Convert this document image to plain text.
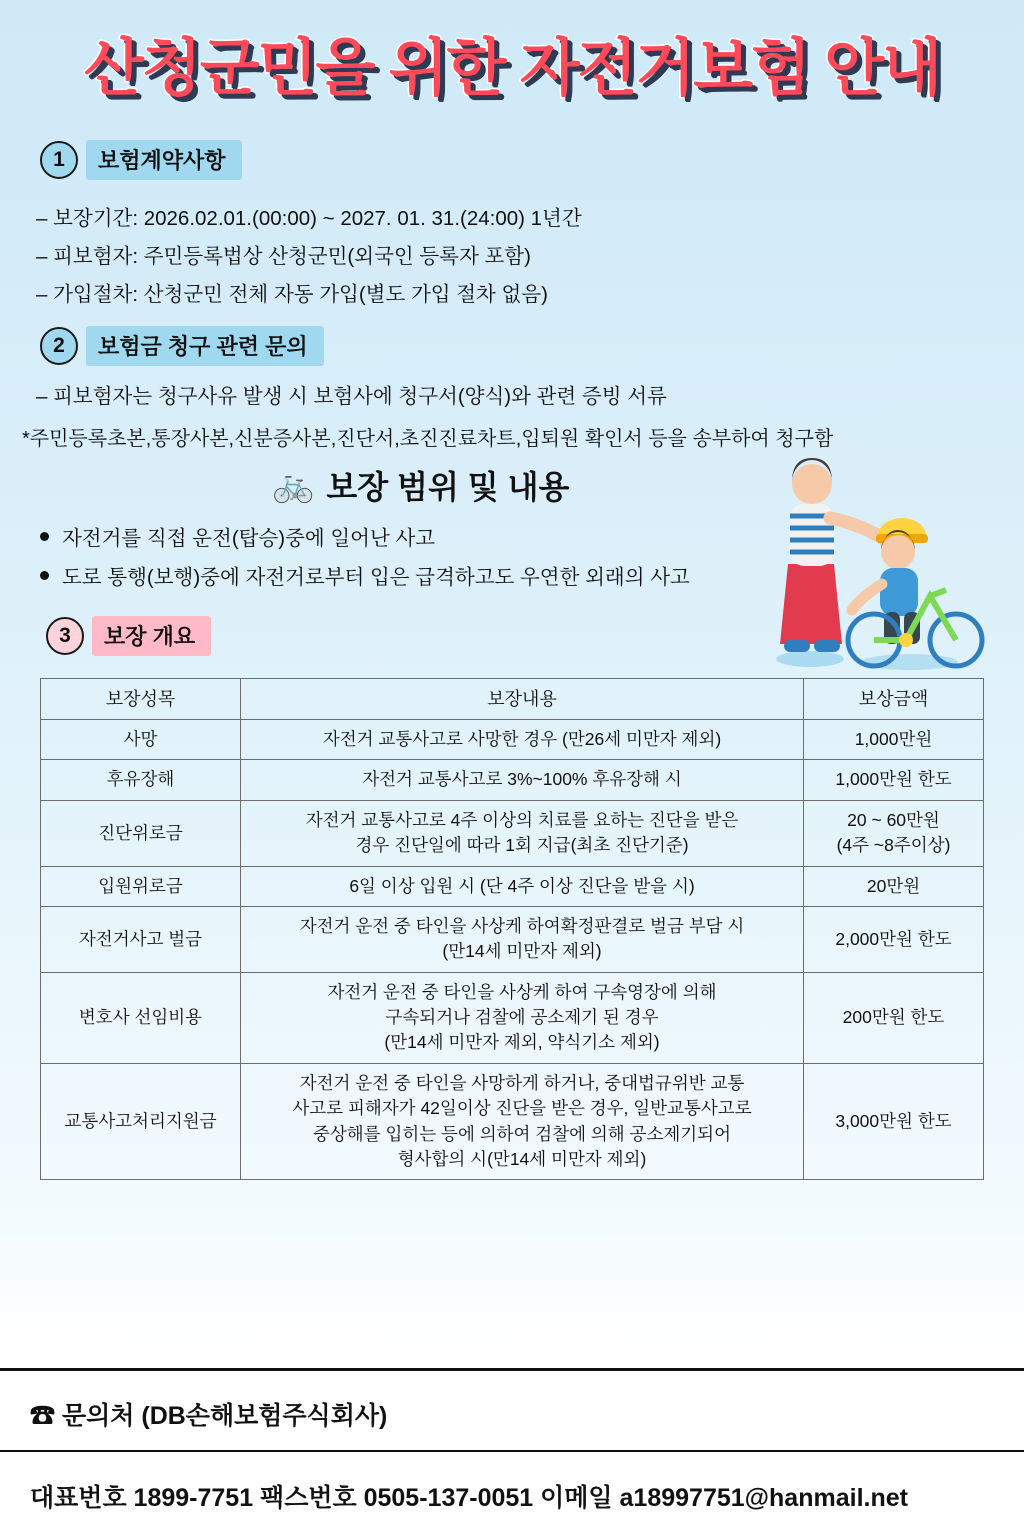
산청군민을 위한 자전거보험 안내
1	보험계약사항
– 보장기간: 2026.02.01.(00:00) ~ 2027. 01. 31.(24:00) 1년간
– 피보험자: 주민등록법상 산청군민(외국인 등록자 포함)
– 가입절차: 산청군민 전체 자동 가입(별도 가입 절차 없음)
2	보험금 청구 관련 문의
– 피보험자는 청구사유 발생 시 보험사에 청구서(양식)와 관련 증빙 서류
*주민등록초본,통장사본,신분증사본,진단서,초진진료차트,입퇴원 확인서 등을 송부하여 청구함
🚲 보장 범위 및 내용
자전거를 직접 운전(탑승)중에 일어난 사고
도로 통행(보행)중에 자전거로부터 입은 급격하고도 우연한 외래의 사고
3	보장 개요
보장성목	보장내용	보상금액
사망	자전거 교통사고로 사망한 경우 (만26세 미만자 제외)	1,000만원
후유장해	자전거 교통사고로 3%~100% 후유장해 시	1,000만원 한도
진단위로금	자전거 교통사고로 4주 이상의 치료를 요하는 진단을 받은
경우 진단일에 따라 1회 지급(최초 진단기준)	20 ~ 60만원
(4주 ~8주이상)
입원위로금	6일 이상 입원 시 (단 4주 이상 진단을 받을 시)	20만원
자전거사고 벌금	자전거 운전 중 타인을 사상케 하여확정판결로 벌금 부담 시
(만14세 미만자 제외)	2,000만원 한도
변호사 선임비용	자전거 운전 중 타인을 사상케 하여 구속영장에 의해
구속되거나 검찰에 공소제기 된 경우
(만14세 미만자 제외, 약식기소 제외)	200만원 한도
교통사고처리지원금	자전거 운전 중 타인을 사망하게 하거나, 중대법규위반 교통
사고로 피해자가 42일이상 진단을 받은 경우, 일반교통사고로
중상해를 입히는 등에 의하여 검찰에 의해 공소제기되어
형사합의 시(만14세 미만자 제외)	3,000만원 한도
☎ 문의처 (DB손해보험주식회사)
대표번호 1899-7751 팩스번호 0505-137-0051 이메일 a18997751@hanmail.net
